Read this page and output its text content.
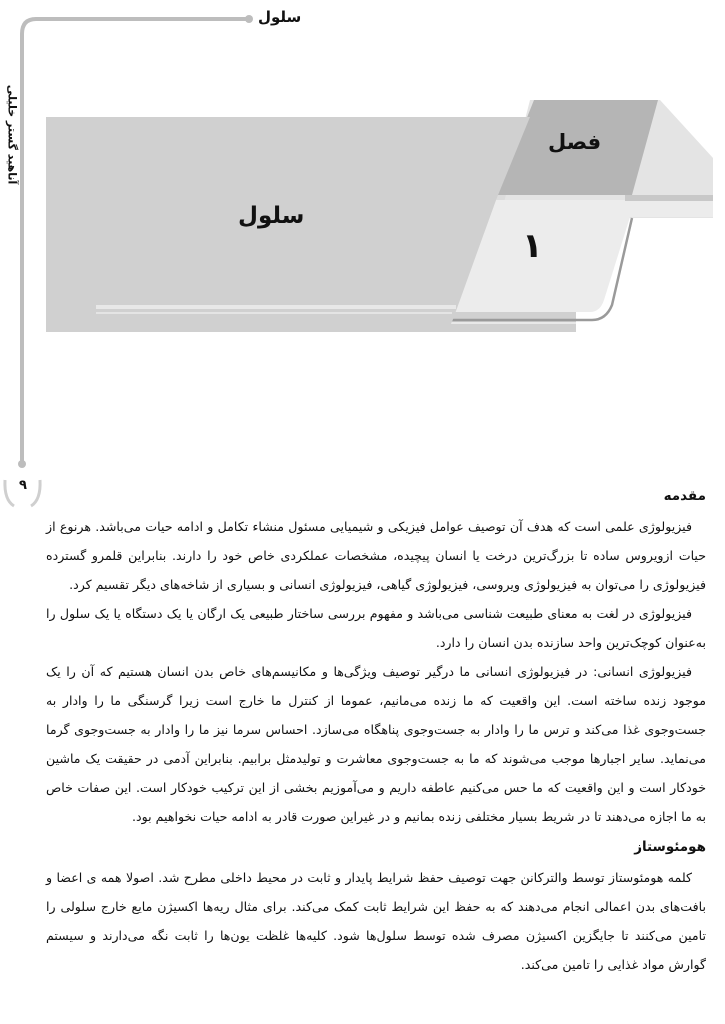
سلول
آناهید گستر خلیلی
۹
فصل
۱
سلول
مقدمه

فیزیولوژی علمی است که هدف آن توصیف عوامل فیزیکی و شیمیایی مسئول منشاء تکامل و ادامه حیات می‌باشد. هرنوع از حیات ازویروس ساده تا بزرگ‌ترین درخت یا انسان پیچیده، مشخصات عملکردی خاص خود را دارند. بنابراین قلمرو گسترده فیزیولوژی را می‌توان به فیزیولوژی ویروسی، فیزیولوژی گیاهی، فیزیولوژی انسانی و بسیاری از شاخه‌های دیگر تقسیم کرد.

فیزیولوژی در لغت به معنای طبیعت شناسی می‌باشد و مفهوم بررسی ساختار طبیعی یک ارگان یا یک دستگاه یا یک سلول را به‌عنوان کوچک‌ترین واحد سازنده بدن انسان را دارد.

فیزیولوژی انسانی: در فیزیولوژی انسانی ما درگیر توصیف ویژگی‌ها و مکانیسم‌های خاص بدن انسان هستیم که آن را یک موجود زنده ساخته است. این واقعیت که ما زنده می‌مانیم، عموما از کنترل ما خارج است زیرا گرسنگی ما را وادار به جست‌وجوی غذا می‌کند و ترس ما را وادار به جست‌وجوی پناهگاه می‌سازد. احساس سرما نیز ما را وادار به جست‌وجوی گرما می‌نماید. سایر اجبارها موجب می‌شوند که ما به جست‌وجوی معاشرت و تولیدمثل برابیم. بنابراین آدمی در حقیقت یک ماشین خودکار است و این واقعیت که ما حس می‌کنیم عاطفه داریم و می‌آموزیم بخشی از این ترکیب خودکار است. این صفات خاص به ما اجازه می‌دهند تا در شریط بسیار مختلفی زنده بمانیم و در غیراین صورت قادر به ادامه حیات نخواهیم بود.

هومئوستاز

کلمه هومئوستاز توسط والترکانن جهت توصیف حفظ شرایط پایدار و ثابت در محیط داخلی مطرح شد. اصولا همه ی اعضا و بافت‌های بدن اعمالی انجام می‌دهند که به حفظ این شرایط ثابت کمک می‌کند. برای مثال ریه‌ها اکسیژن مایع خارج سلولی را تامین می‌کنند تا جایگزین اکسیژن مصرف شده توسط سلول‌ها شود. کلیه‌ها غلظت یون‌ها را ثابت نگه می‌دارند و سیستم گوارش مواد غذایی را تامین می‌کند.
